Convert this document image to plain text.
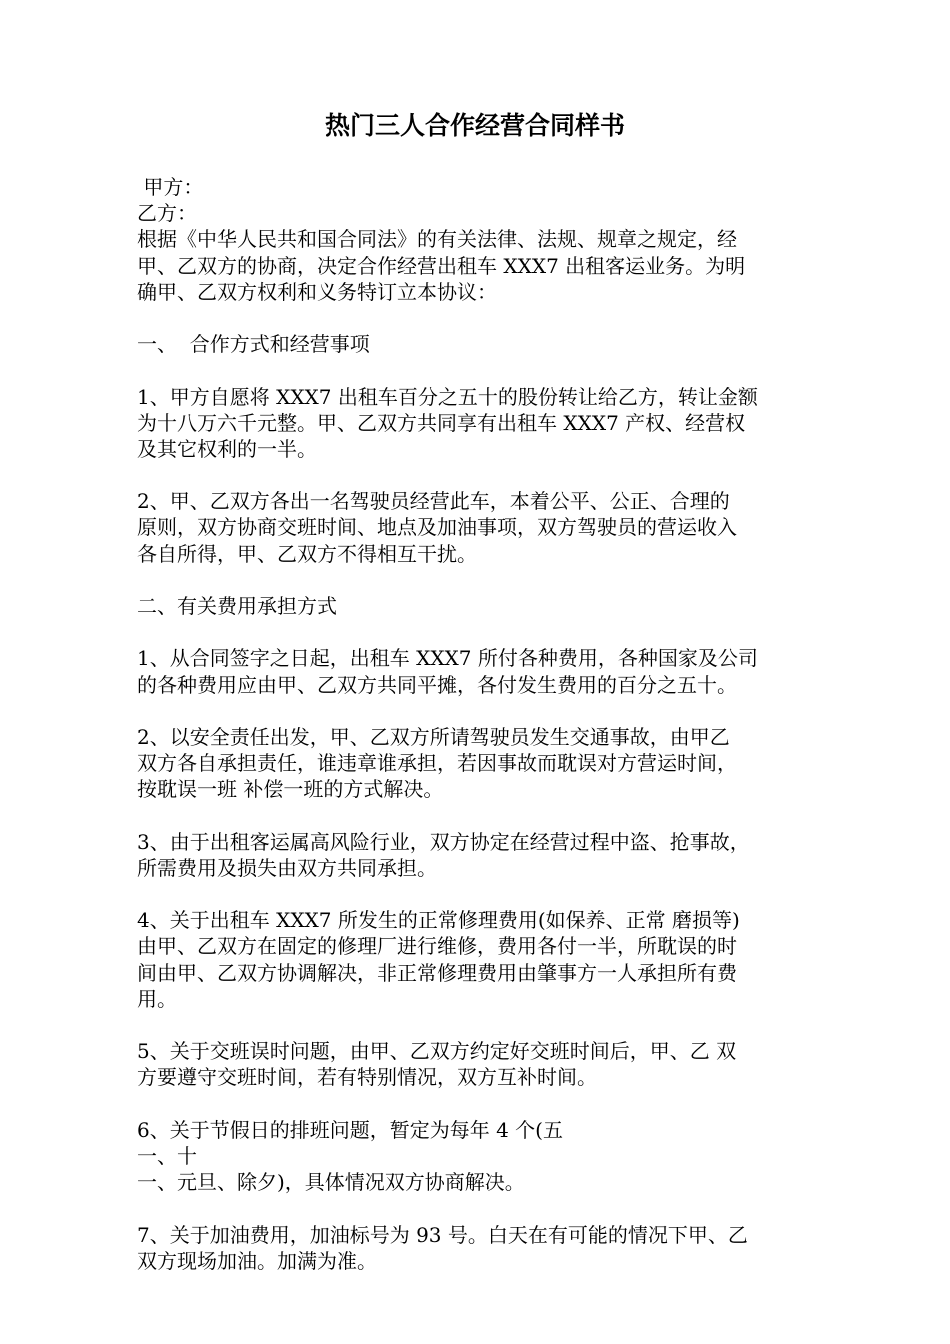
热门三人合作经营合同样书
甲方：
乙方：
根据《中华人民共和国合同法》的有关法律、法规、规章之规定，经
甲、乙双方的协商，决定合作经营出租车 XXX7 出租客运业务。为明
确甲、乙双方权利和义务特订立本协议：
一、  合作方式和经营事项
1、甲方自愿将 XXX7 出租车百分之五十的股份转让给乙方，转让金额
为十八万六千元整。甲、乙双方共同享有出租车 XXX7 产权、经营权
及其它权利的一半。
2、甲、乙双方各出一名驾驶员经营此车，本着公平、公正、合理的
原则，双方协商交班时间、地点及加油事项，双方驾驶员的营运收入
各自所得，甲、乙双方不得相互干扰。
二、有关费用承担方式
1、从合同签字之日起，出租车 XXX7 所付各种费用，各种国家及公司
的各种费用应由甲、乙双方共同平摊，各付发生费用的百分之五十。
2、以安全责任出发，甲、乙双方所请驾驶员发生交通事故，由甲乙
双方各自承担责任，谁违章谁承担，若因事故而耽误对方营运时间，
按耽误一班 补偿一班的方式解决。
3、由于出租客运属高风险行业，双方协定在经营过程中盗、抢事故，
所需费用及损失由双方共同承担。
4、关于出租车 XXX7 所发生的正常修理费用(如保养、正常 磨损等)
由甲、乙双方在固定的修理厂进行维修，费用各付一半，所耽误的时
间由甲、乙双方协调解决，非正常修理费用由肇事方一人承担所有费
用。
5、关于交班误时问题，由甲、乙双方约定好交班时间后，甲、乙 双
方要遵守交班时间，若有特别情况，双方互补时间。
6、关于节假日的排班问题，暂定为每年 4 个(五
一、十
一、元旦、除夕)，具体情况双方协商解决。
7、关于加油费用，加油标号为 93 号。白天在有可能的情况下甲、乙
双方现场加油。加满为准。
